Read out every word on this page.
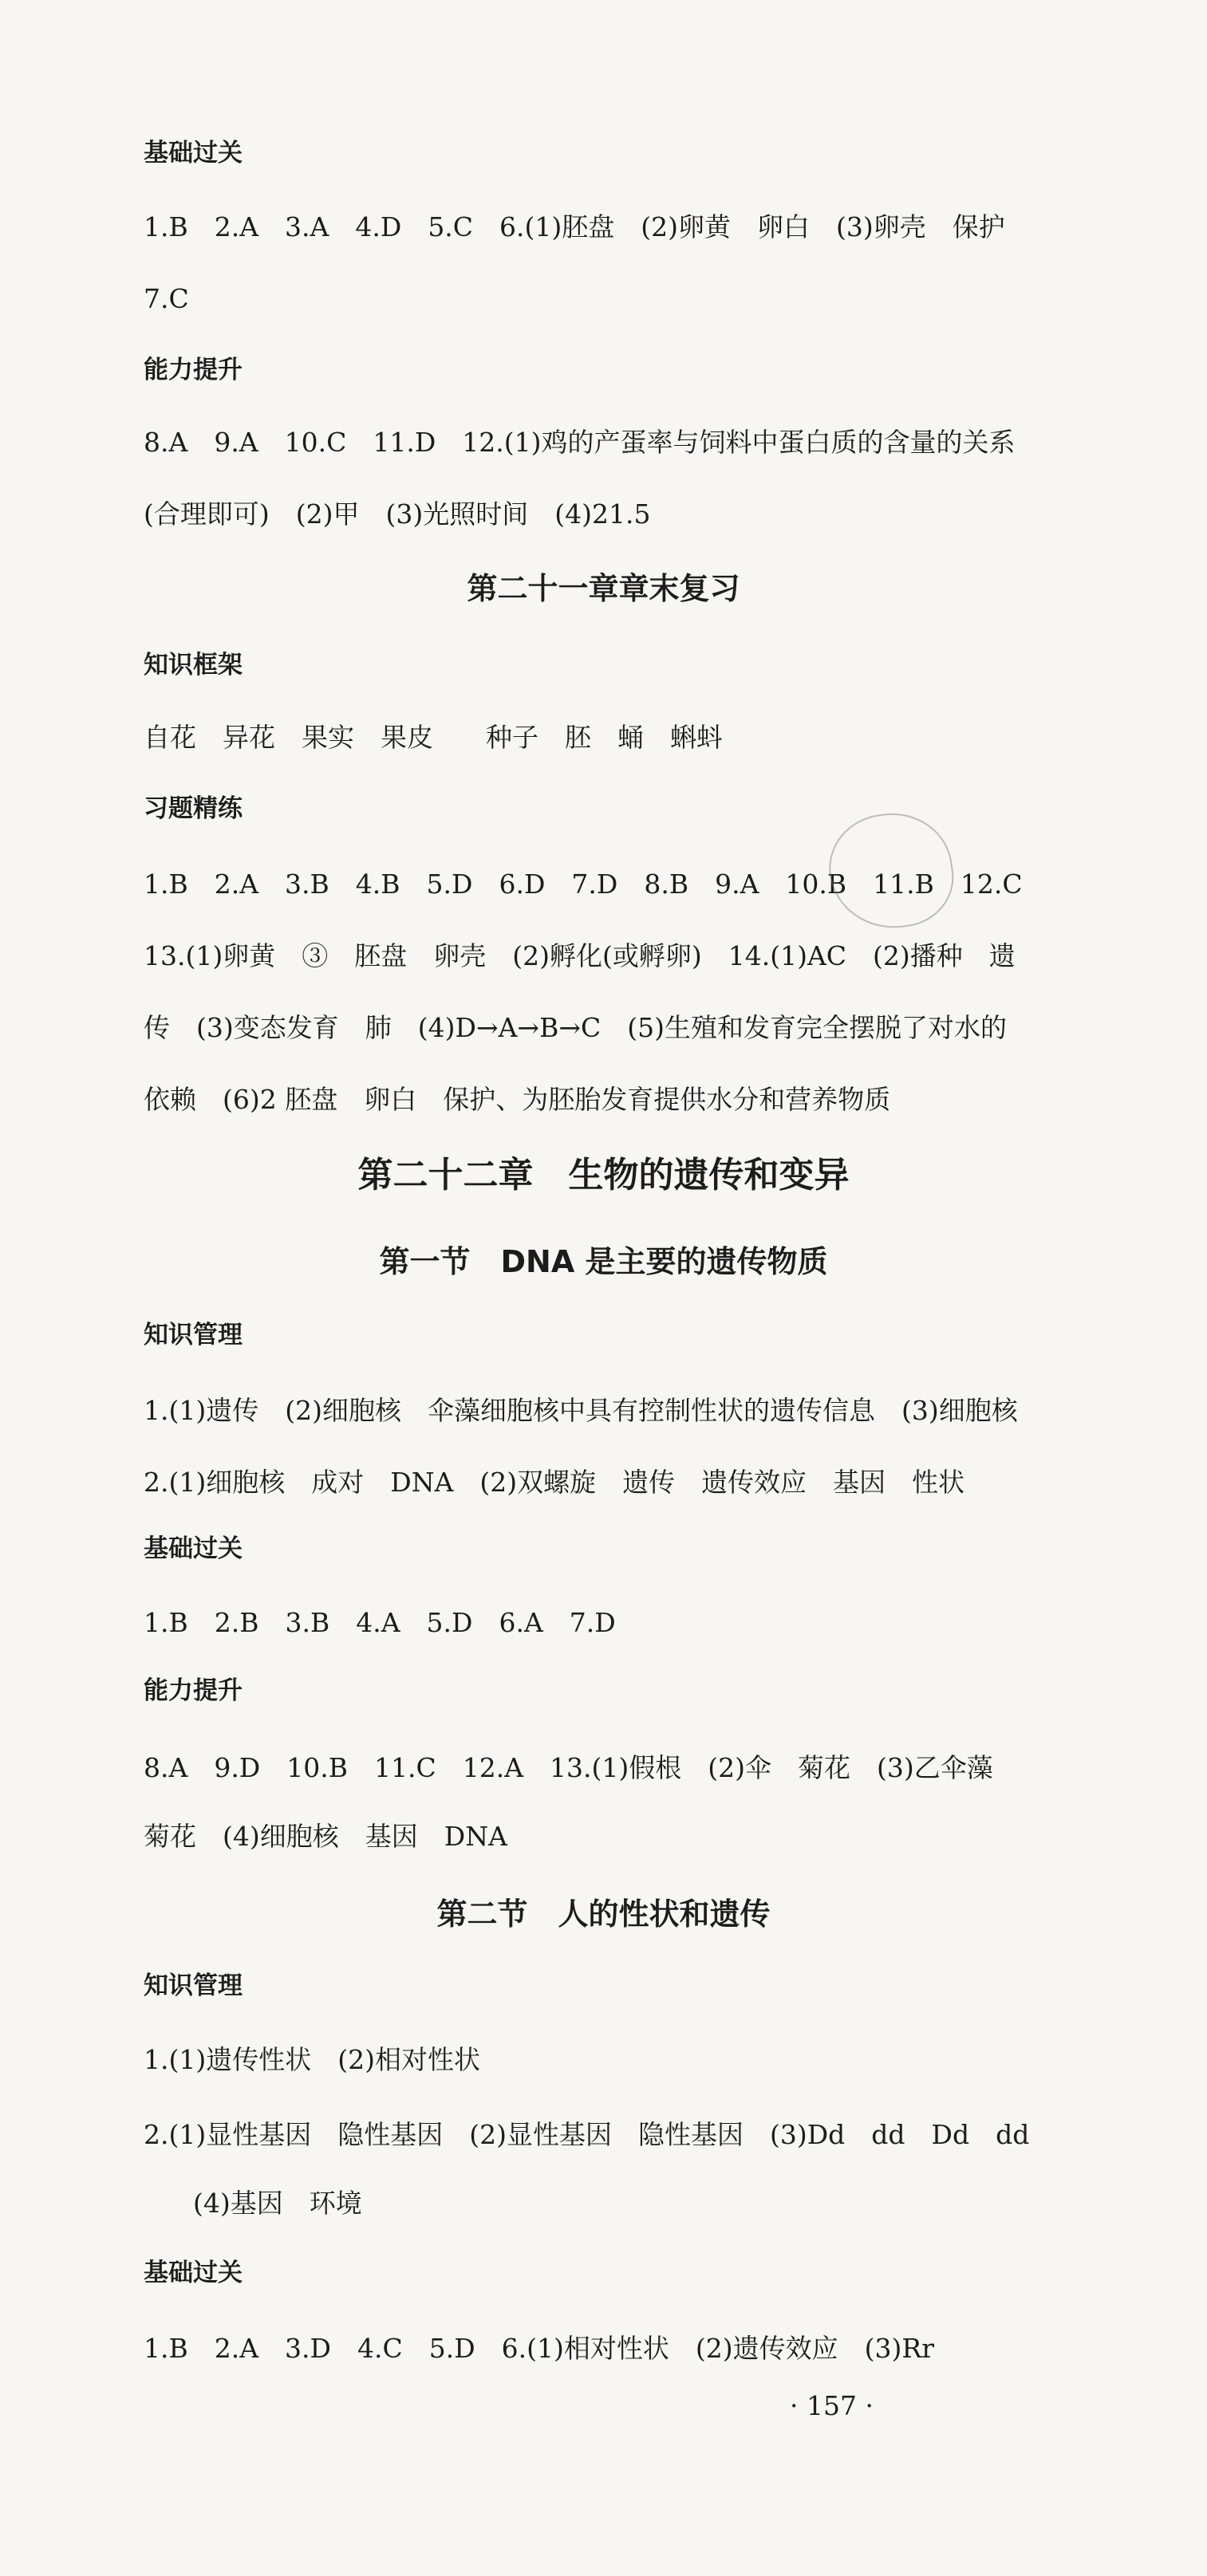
基础过关
1.B　2.A　3.A　4.D　5.C　6.(1)胚盘　(2)卵黄　卵白　(3)卵壳　保护
7.C
能力提升
8.A　9.A　10.C　11.D　12.(1)鸡的产蛋率与饲料中蛋白质的含量的关系
(合理即可)　(2)甲　(3)光照时间　(4)21.5
第二十一章章末复习
知识框架
自花　异花　果实　果皮　　种子　胚　蛹　蝌蚪
习题精练
1.B　2.A　3.B　4.B　5.D　6.D　7.D　8.B　9.A　10.B　11.B　12.C
13.(1)卵黄　③　胚盘　卵壳　(2)孵化(或孵卵)　14.(1)AC　(2)播种　遗
传　(3)变态发育　肺　(4)D→A→B→C　(5)生殖和发育完全摆脱了对水的
依赖　(6)2 胚盘　卵白　保护、为胚胎发育提供水分和营养物质
第二十二章　生物的遗传和变异
第一节　DNA 是主要的遗传物质
知识管理
1.(1)遗传　(2)细胞核　伞藻细胞核中具有控制性状的遗传信息　(3)细胞核
2.(1)细胞核　成对　DNA　(2)双螺旋　遗传　遗传效应　基因　性状
基础过关
1.B　2.B　3.B　4.A　5.D　6.A　7.D
能力提升
8.A　9.D　10.B　11.C　12.A　13.(1)假根　(2)伞　菊花　(3)乙伞藻
菊花　(4)细胞核　基因　DNA
第二节　人的性状和遗传
知识管理
1.(1)遗传性状　(2)相对性状
2.(1)显性基因　隐性基因　(2)显性基因　隐性基因　(3)Dd　dd　Dd　dd
(4)基因　环境
基础过关
1.B　2.A　3.D　4.C　5.D　6.(1)相对性状　(2)遗传效应　(3)Rr
· 157 ·
